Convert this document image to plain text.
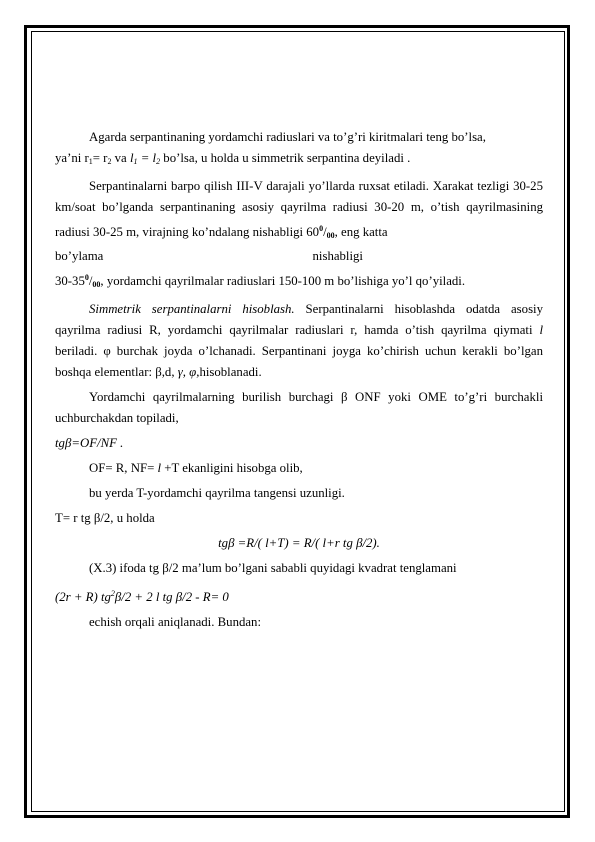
Agarda serpantinaning yordamchi radiuslari va to’g’ri kiritmalari teng bo’lsa,
ya’ni $r_1= r_2$ va $l_1 = l_2$ bo’lsa, u holda u simmetrik serpantina deyiladi .

Serpantinalarni barpo qilish III-V darajali yo’llarda ruxsat etiladi. Xarakat tezligi 30-25 km/soat bo’lganda serpantinaning asosiy qayrilma radiusi 30-20 m, o’tish qayrilmasining radiusi 30-25 m, virajning ko’ndalang nishabligi $60^0/_{00}$, eng katta
bo’ylama	nishabligi
$30-35^0/_{00}$, yordamchi qayrilmalar radiuslari 150-100 m bo’lishiga yo’l qo’yiladi.

Simmetrik serpantinalarni hisoblash. Serpantinalarni hisoblashda odatda asosiy qayrilma radiusi R, yordamchi qayrilmalar radiuslari r, hamda o’tish qayrilma qiymati l beriladi. φ burchak joyda o’lchanadi. Serpantinani joyga ko’chirish uchun kerakli bo’lgan boshqa elementlar: β,d, γ, φ,hisoblanadi.

Yordamchi qayrilmalarning burilish burchagi β ONF yoki OME to’g’ri burchakli uchburchakdan topiladi,

tgβ=OF/NF .

OF= R, NF= l +T ekanligini hisobga olib,

bu yerda T-yordamchi qayrilma tangensi uzunligi.

T= r tg β/2, u holda

tgβ =R/( l+T) = R/( l+r tg β/2).

(X.3) ifoda tg β/2 ma’lum bo’lgani sababli quyidagi kvadrat tenglamani

(2r + R) $tg^2\beta/2 + 2$ l tg β/2 - R= 0

echish orqali aniqlanadi. Bundan:
